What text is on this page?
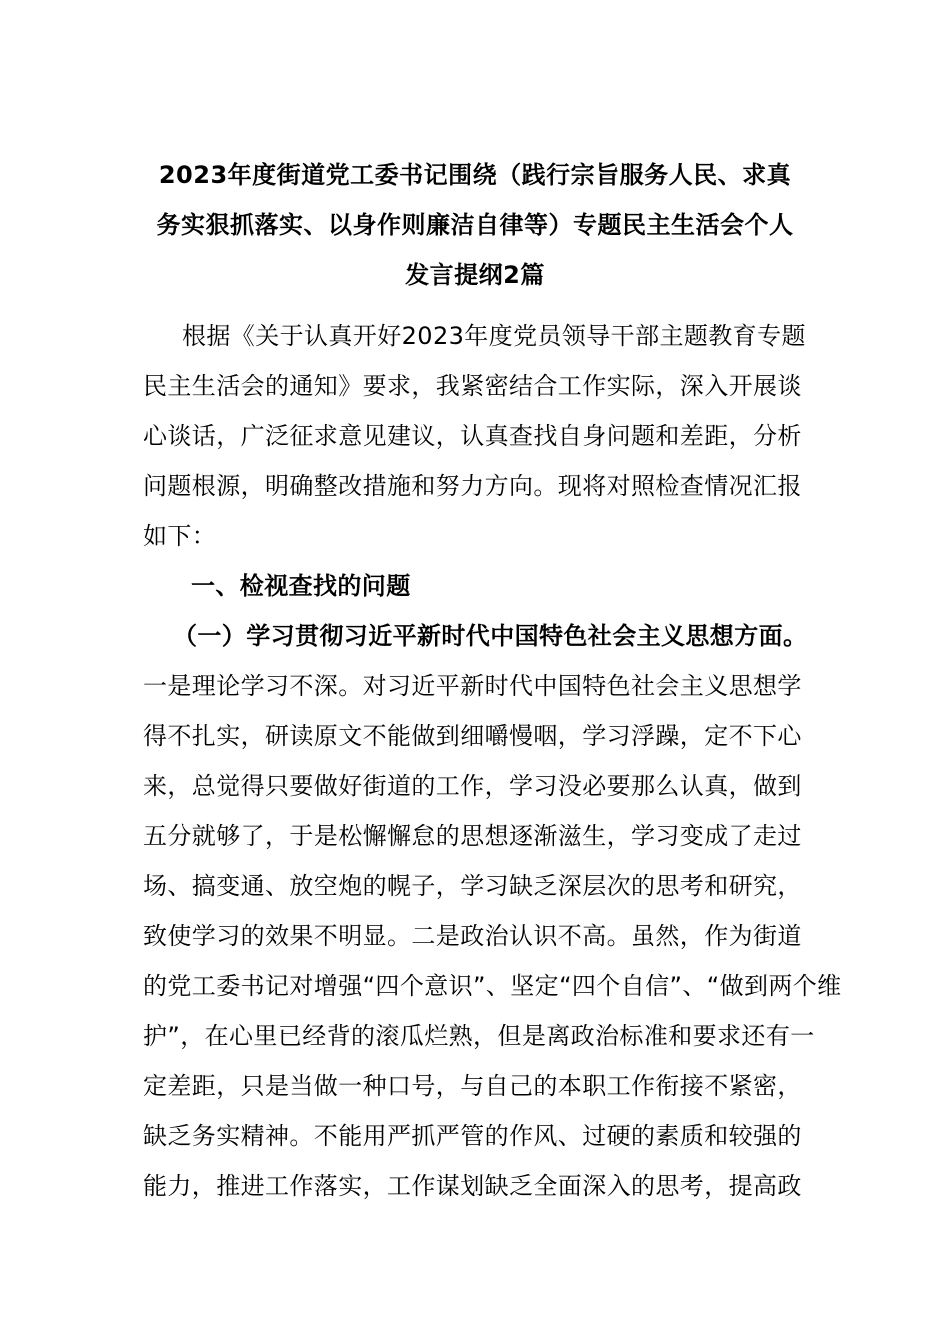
2023年度街道党工委书记围绕（践行宗旨服务人民、求真
务实狠抓落实、以身作则廉洁自律等）专题民主生活会个人
发言提纲2篇
根据《关于认真开好2023年度党员领导干部主题教育专题
民主生活会的通知》要求，我紧密结合工作实际，深入开展谈
心谈话，广泛征求意见建议，认真查找自身问题和差距，分析
问题根源，明确整改措施和努力方向。现将对照检查情况汇报
如下：
一、检视查找的问题
（一）学习贯彻习近平新时代中国特色社会主义思想方面。
一是理论学习不深。对习近平新时代中国特色社会主义思想学
得不扎实，研读原文不能做到细嚼慢咽，学习浮躁，定不下心
来，总觉得只要做好街道的工作，学习没必要那么认真，做到
五分就够了，于是松懈懈怠的思想逐渐滋生，学习变成了走过
场、搞变通、放空炮的幌子，学习缺乏深层次的思考和研究，
致使学习的效果不明显。二是政治认识不高。虽然，作为街道
的党工委书记对增强“四个意识”、坚定“四个自信”、“做到两个维
护”，在心里已经背的滚瓜烂熟，但是离政治标准和要求还有一
定差距，只是当做一种口号，与自己的本职工作衔接不紧密，
缺乏务实精神。不能用严抓严管的作风、过硬的素质和较强的
能力，推进工作落实，工作谋划缺乏全面深入的思考，提高政
